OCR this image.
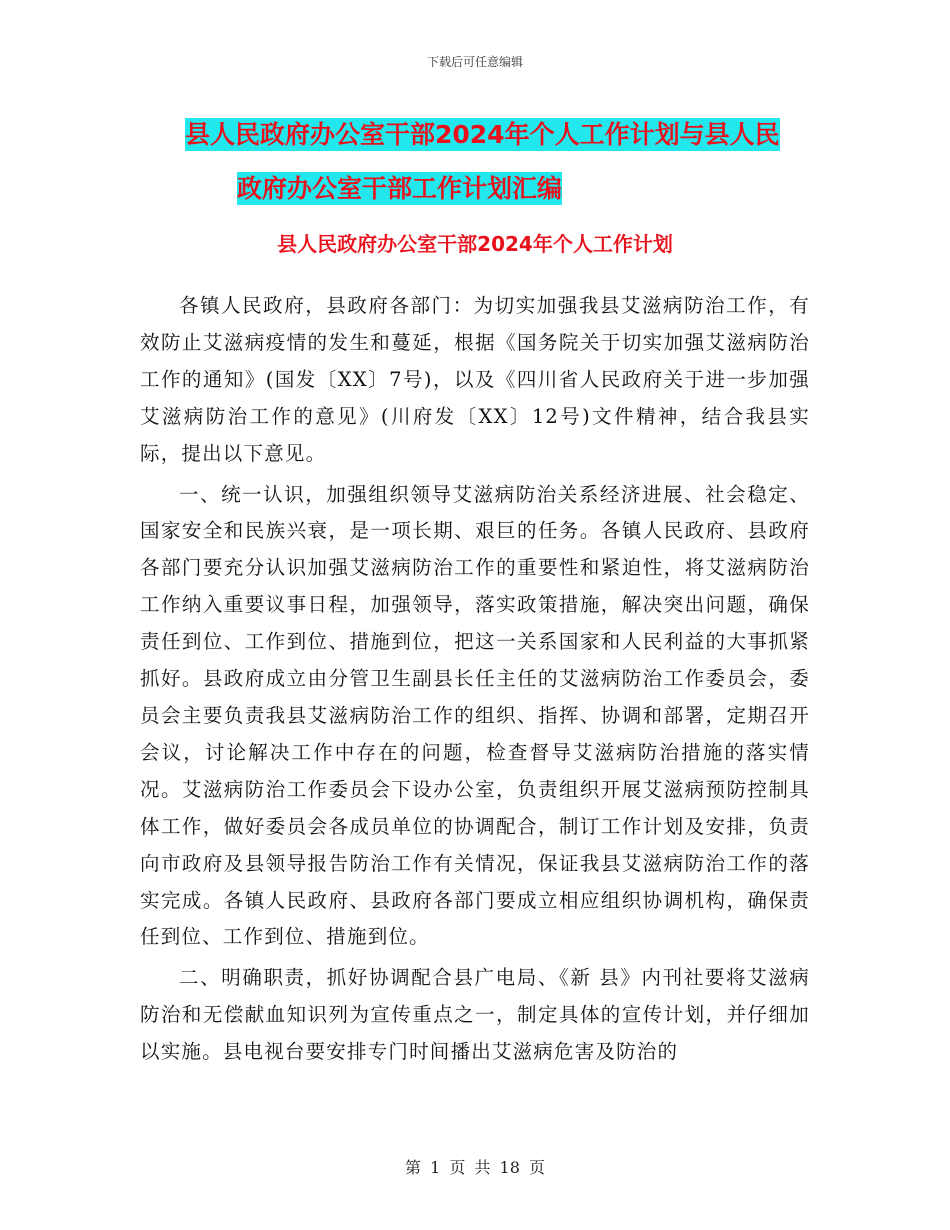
下载后可任意编辑
县人民政府办公室干部2024年个人工作计划与县人民
政府办公室干部工作计划汇编
县人民政府办公室干部2024年个人工作计划

各镇人民政府，县政府各部门：为切实加强我县艾滋病防治工作，有效防止艾滋病疫情的发生和蔓延，根据《国务院关于切实加强艾滋病防治工作的通知》(国发〔XX〕7号)，以及《四川省人民政府关于进一步加强艾滋病防治工作的意见》(川府发〔XX〕12号)文件精神，结合我县实际，提出以下意见。

一、统一认识，加强组织领导艾滋病防治关系经济进展、社会稳定、国家安全和民族兴衰，是一项长期、艰巨的任务。各镇人民政府、县政府各部门要充分认识加强艾滋病防治工作的重要性和紧迫性，将艾滋病防治工作纳入重要议事日程，加强领导，落实政策措施，解决突出问题，确保责任到位、工作到位、措施到位，把这一关系国家和人民利益的大事抓紧抓好。县政府成立由分管卫生副县长任主任的艾滋病防治工作委员会，委员会主要负责我县艾滋病防治工作的组织、指挥、协调和部署，定期召开会议，讨论解决工作中存在的问题，检查督导艾滋病防治措施的落实情况。艾滋病防治工作委员会下设办公室，负责组织开展艾滋病预防控制具体工作，做好委员会各成员单位的协调配合，制订工作计划及安排，负责向市政府及县领导报告防治工作有关情况，保证我县艾滋病防治工作的落实完成。各镇人民政府、县政府各部门要成立相应组织协调机构，确保责任到位、工作到位、措施到位。

二、明确职责，抓好协调配合县广电局、《新 县》内刊社要将艾滋病防治和无偿献血知识列为宣传重点之一，制定具体的宣传计划，并仔细加以实施。县电视台要安排专门时间播出艾滋病危害及防治的

第 1 页 共 18 页
